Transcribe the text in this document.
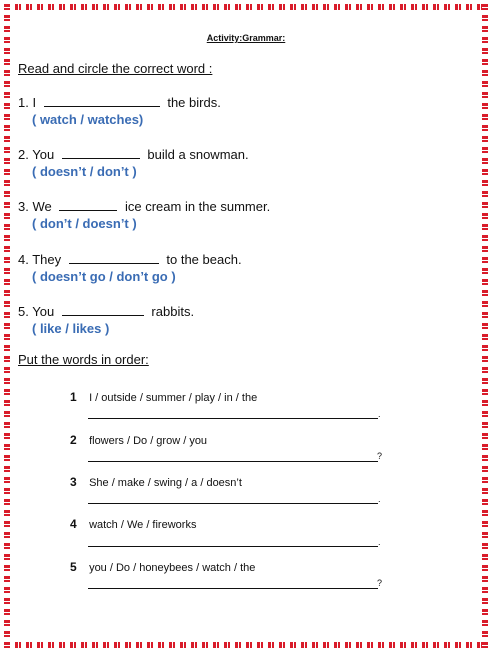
Activity:Grammar:
Read and circle the correct word :
1. I	the birds.
( watch / watches)
2. You	build a snowman.
( doesn’t / don’t )
3. We	ice cream in the summer.
( don’t / doesn’t )
4. They	to the beach.
( doesn’t go / don’t go )
5. You	rabbits.
( like / likes )
Put the words in order:
1 I / outside / summer / play / in / the
.
2 flowers / Do / grow / you
?
3 She / make / swing / a / doesn’t
.
4 watch / We / fireworks
.
5 you / Do / honeybees / watch / the
?
